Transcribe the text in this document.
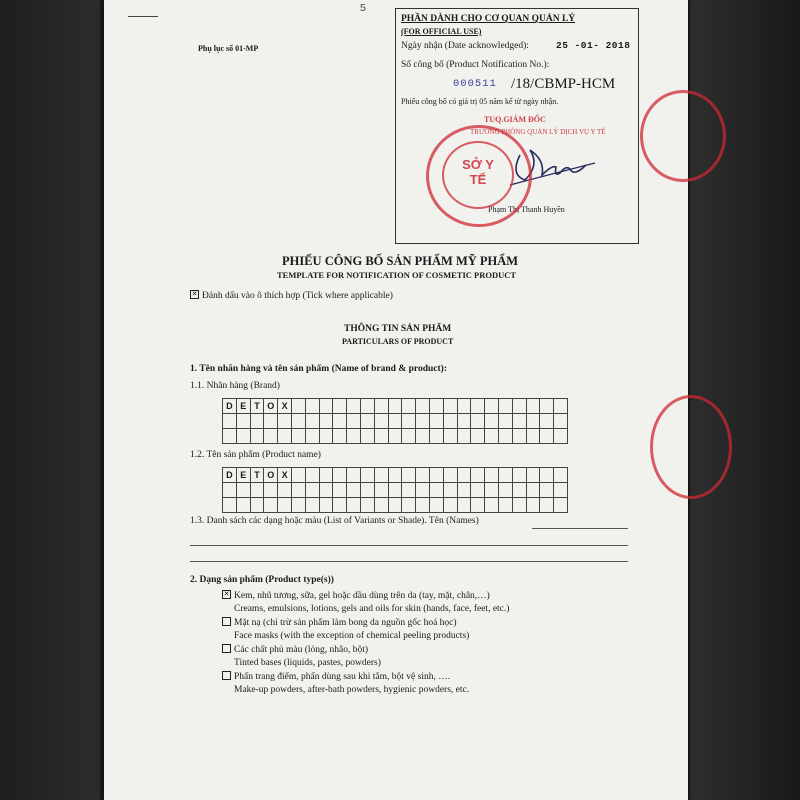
5
Phụ lục số 01-MP
PHẦN DÀNH CHO CƠ QUAN QUẢN LÝ
(FOR OFFICIAL USE)
Ngày nhận (Date acknowledged):	25 -01- 2018
Số công bố (Product Notification No.):
000511 /18/CBMP-HCM
Phiếu công bố có giá trị 05 năm kể từ ngày nhận.
TUQ.GIÁM ĐỐC
TRƯỞNG PHÒNG QUẢN LÝ DỊCH VỤ Y TẾ
Phạm Thị Thanh Huyền
SỞ Y TẾ
PHIẾU CÔNG BỐ SẢN PHẨM MỸ PHẨM
TEMPLATE FOR NOTIFICATION OF COSMETIC PRODUCT
✕ Đánh dấu vào ô thích hợp (Tick where applicable)
THÔNG TIN SẢN PHẨM
PARTICULARS OF PRODUCT
1. Tên nhãn hàng và tên sản phẩm (Name of brand & product):
1.1. Nhãn hàng (Brand)
D	E	T	O	X																				

1.2. Tên sản phẩm (Product name)
D	E	T	O	X																				

1.3. Danh sách các dạng hoặc màu (List of Variants or Shade). Tên (Names)
2. Dạng sản phẩm (Product type(s))
✕ Kem, nhũ tương, sữa, gel hoặc dầu dùng trên da (tay, mặt, chân,…)
Creams, emulsions, lotions, gels and oils for skin (hands, face, feet, etc.)
Mặt nạ (chỉ trừ sản phẩm làm bong da nguồn gốc hoá học)
Face masks (with the exception of chemical peeling products)
Các chất phủ màu (lỏng, nhão, bột)
Tinted bases (liquids, pastes, powders)
Phấn trang điểm, phấn dùng sau khi tắm, bột vệ sinh, ….
Make-up powders, after-bath powders, hygienic powders, etc.
